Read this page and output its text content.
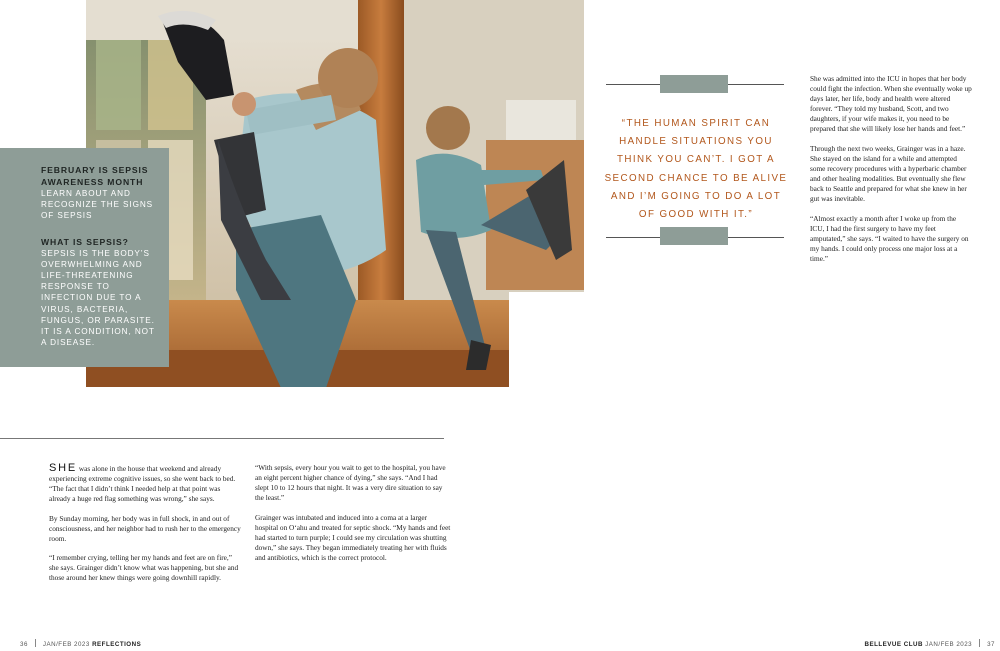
FEBRUARY IS SEPSIS AWARENESS MONTH

LEARN ABOUT AND RECOGNIZE THE SIGNS OF SEPSIS

WHAT IS SEPSIS?

SEPSIS IS THE BODY’S OVERWHELMING AND LIFE-THREATENING RESPONSE TO INFECTION DUE TO A VIRUS, BACTERIA, FUNGUS, OR PARASITE. IT IS A CONDITION, NOT A DISEASE.

“THE HUMAN SPIRIT CAN HANDLE SITUATIONS YOU THINK YOU CAN’T. I GOT A SECOND CHANCE TO BE ALIVE AND I’M GOING TO DO A LOT OF GOOD WITH IT.”

SHE was alone in the house that weekend and already experiencing extreme cognitive issues, so she went back to bed. “The fact that I didn’t think I needed help at that point was already a huge red flag something was wrong,” she says.

By Sunday morning, her body was in full shock, in and out of consciousness, and her neighbor had to rush her to the emergency room.

“I remember crying, telling her my hands and feet are on fire,” she says. Grainger didn’t know what was happening, but she and those around her knew things were going downhill rapidly.

“With sepsis, every hour you wait to get to the hospital, you have an eight percent higher chance of dying,” she says. “And I had slept 10 to 12 hours that night. It was a very dire situation to say the least.”

Grainger was intubated and induced into a coma at a larger hospital on O‘ahu and treated for septic shock. “My hands and feet had started to turn purple; I could see my circulation was shutting down,” she says. They began immediately treating her with fluids and antibiotics, which is the correct protocol.

She was admitted into the ICU in hopes that her body could fight the infection. When she eventually woke up days later, her life, body and health were altered forever. “They told my husband, Scott, and two daughters, if your wife makes it, you need to be prepared that she will likely lose her hands and feet.”

Through the next two weeks, Grainger was in a haze. She stayed on the island for a while and attempted some recovery procedures with a hyperbaric chamber and other healing modalities. But eventually she flew back to Seattle and prepared for what she knew in her gut was inevitable.

“Almost exactly a month after I woke up from the ICU, I had the first surgery to have my feet amputated,” she says. “I waited to have the surgery on my hands. I could only process one major loss at a time.”

36 JAN/FEB 2023 REFLECTIONS	BELLEVUE CLUB JAN/FEB 2023 37
